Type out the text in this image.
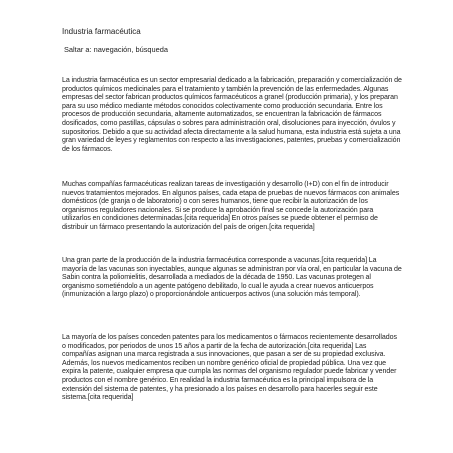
Industria farmacéutica

Saltar a: navegación, búsqueda

La industria farmacéutica es un sector empresarial dedicado a la fabricación, preparación y comercialización de productos químicos medicinales para el tratamiento y también la prevención de las enfermedades. Algunas empresas del sector fabrican productos químicos farmacéuticos a granel (producción primaria), y los preparan para su uso médico mediante métodos conocidos colectivamente como producción secundaria. Entre los procesos de producción secundaria, altamente automatizados, se encuentran la fabricación de fármacos dosificados, como pastillas, cápsulas o sobres para administración oral, disoluciones para inyección, óvulos y supositorios. Debido a que su actividad afecta directamente a la salud humana, esta industria está sujeta a una gran variedad de leyes y reglamentos con respecto a las investigaciones, patentes, pruebas y comercialización de los fármacos.

Muchas compañías farmacéuticas realizan tareas de investigación y desarrollo (I+D) con el fin de introducir nuevos tratamientos mejorados. En algunos países, cada etapa de pruebas de nuevos fármacos con animales domésticos (de granja o de laboratorio) o con seres humanos, tiene que recibir la autorización de los organismos reguladores nacionales. Si se produce la aprobación final se concede la autorización para utilizarlos en condiciones determinadas.[cita requerida] En otros países se puede obtener el permiso de distribuir un fármaco presentando la autorización del país de origen.[cita requerida]

Una gran parte de la producción de la industria farmacéutica corresponde a vacunas.[cita requerida] La mayoría de las vacunas son inyectables, aunque algunas se administran por vía oral, en particular la vacuna de Sabin contra la poliomielitis, desarrollada a mediados de la década de 1950. Las vacunas protegen al organismo sometiéndolo a un agente patógeno debilitado, lo cual le ayuda a crear nuevos anticuerpos (inmunización a largo plazo) o proporcionándole anticuerpos activos (una solución más temporal).

La mayoría de los países conceden patentes para los medicamentos o fármacos recientemente desarrollados o modificados, por periodos de unos 15 años a partir de la fecha de autorización.[cita requerida] Las compañías asignan una marca registrada a sus innovaciones, que pasan a ser de su propiedad exclusiva. Además, los nuevos medicamentos reciben un nombre genérico oficial de propiedad pública. Una vez que expira la patente, cualquier empresa que cumpla las normas del organismo regulador puede fabricar y vender productos con el nombre genérico. En realidad la industria farmacéutica es la principal impulsora de la extensión del sistema de patentes, y ha presionado a los países en desarrollo para hacerles seguir este sistema.[cita requerida]
